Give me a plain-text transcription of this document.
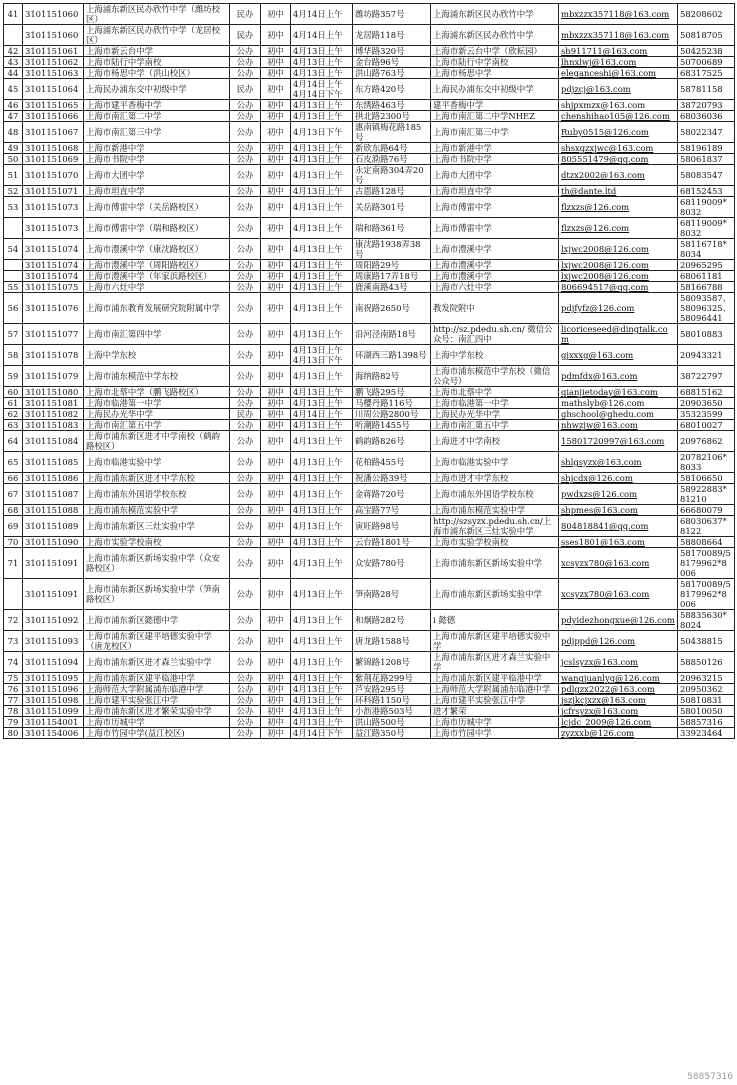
41	3101151060	上海浦东新区民办欣竹中学（潍坊校区）	民办	初中	4月14日上午	潍坊路357号	上海浦东新区民办欣竹中学	mbxzzx357118@163.com	58208602
	3101151060	上海浦东新区民办欣竹中学（龙居校区）	民办	初中	4月14日上午	龙居路118号	上海浦东新区民办欣竹中学	mbxzzx357118@163.com	50818705
42	3101151061	上海市新云台中学	公办	初中	4月13日上午	博华路320号	上海市新云台中学（欣耘园）	sh911711@163.com	50425238
43	3101151062	上海市陆行中学南校	公办	初中	4月13日上午	金台路96号	上海市陆行中学南校	lhnxlwj@163.com	50700689
44	3101151063	上海市杨思中学（洪山校区）	公办	初中	4月13日上午	洪山路763号	上海市杨思中学	eleganceshi@163.com	68317525
45	3101151064	上海民办浦东交中初级中学	民办	初中	4月14日上午 4月14日下午	东方路420号	上海民办浦东交中初级中学	pdjzcj@163.com	58781158
46	3101151065	上海市建平香梅中学	公办	初中	4月13日上午	东绣路463号	建平香梅中学	shjpxmzx@163.com	38720793
47	3101151066	上海市南汇第二中学	公办	初中	4月13日上午	拱北路2300号	上海市南汇第二中学NHEZ	chenshihao105@126.com	68036036
48	3101151067	上海市南汇第三中学	公办	初中	4月13日下午	惠南镇梅花路185号	上海市南汇第三中学	Ruby0515@126.com	58022347
49	3101151068	上海市新港中学	公办	初中	4月13日上午	新欣东路64号	上海市新港中学	shsxgzxjwc@163.com	58196189
50	3101151069	上海市书院中学	公办	初中	4月13日上午	石皮泐路76号	上海市书院中学	805551479@qq.com	58061837
51	3101151070	上海市大团中学	公办	初中	4月13日上午	永定南路304弄20号	上海市大团中学	dtzx2002@163.com	58083547
52	3101151071	上海市坦直中学	公办	初中	4月13日上午	古恩路128号	上海市坦直中学	th@dante.ltd	68152453
53	3101151073	上海市傅雷中学（关岳路校区）	公办	初中	4月13日上午	关岳路301号	上海市傅雷中学	flzxzs@126.com	68119009*8032
	3101151073	上海市傅雷中学（瑞和路校区）	公办	初中	4月13日上午	瑞和路361号	上海市傅雷中学	flzxzs@126.com	68119009*8032
54	3101151074	上海市澧溪中学（康沈路校区）	公办	初中	4月13日上午	康沈路1938弄38号	上海市澧溪中学	lxjwc2008@126.com	58116718*8034
	3101151074	上海市澧溪中学（周阳路校区）	公办	初中	4月13日上午	周阳路29号	上海市澧溪中学	lxjwc2008@126.com	20965295
	3101151074	上海市澧溪中学（年家浜路校区）	公办	初中	4月13日上午	周康路17弄18号	上海市澧溪中学	lxjwc2008@126.com	68061181
55	3101151075	上海市六灶中学	公办	初中	4月13日上午	鹿溪南路43号	上海市六灶中学	806694517@qq.com	58166788
56	3101151076	上海市浦东教育发展研究院附属中学	公办	初中	4月13日上午	南祝路2650号	教发院附中	pdjfyfz@126.com	58093587、58096325、58096441
57	3101151077	上海市南汇第四中学	公办	初中	4月13日上午	沿河泾南路18号	http://sz.pdedu.sh.cn/ 微信公众号：南汇四中	licoriceseed@dingtalk.com	58010883
58	3101151078	上海中学东校	公办	初中	4月13日上午 4月13日下午	环湖西三路1398号	上海中学东校	gjxxxg@163.com	20943321
59	3101151079	上海市浦东模范中学东校	公办	初中	4月13日上午	海纳路82号	上海市浦东模范中学东校（微信公众号）	pdmfdx@163.com	38722797
60	3101151080	上海市北蔡中学（鹏飞路校区）	公办	初中	4月13日上午	鹏飞路295号	上海市北蔡中学	qianjietoday@163.com	68815162
61	3101151081	上海市临港第一中学	公办	初中	4月13日上午	马樱丹路116号	上海市临港第一中学	mathslyb@126.com	20903650
62	3101151082	上海民办光华中学	民办	初中	4月14日上午	川周公路2800号	上海民办光华中学	ghschool@ghedu.com	35323599
63	3101151083	上海市南汇第五中学	公办	初中	4月13日上午	听潮路1455号	上海市南汇第五中学	nhwzjw@163.com	68010027
64	3101151084	上海市浦东新区进才中学南校（鹤韵路校区）	公办	初中	4月13日上午	鹤韵路826号	上海进才中学南校	15801720997@163.com	20976862
65	3101151085	上海市临港实验中学	公办	初中	4月13日上午	花柏路455号	上海市临港实验中学	shlgsyzx@163.com	20782106*8033
66	3101151086	上海市浦东新区进才中学东校	公办	初中	4月13日上午	祝潘公路39号	上海市进才中学东校	shjcdx@126.com	58106650
67	3101151087	上海市浦东外国语学校东校	公办	初中	4月13日上午	金蒋路720号	上海市浦东外国语学校东校	pwdxzs@126.com	58922883*81210
68	3101151088	上海市浦东模范实验中学	公办	初中	4月13日上午	高宝路77号	上海市浦东模范实验中学	shpmes@163.com	66680079
69	3101151089	上海市浦东新区三灶实验中学	公办	初中	4月13日上午	寅旺路98号	http://szsyzx.pdedu.sh.cn/上海市浦东新区三灶实验中学	804818841@qq.com	68030637*8122
70	3101151090	上海市实验学校南校	公办	初中	4月13日上午	云台路1801号	上海市实验学校南校	sses1801@163.com	58808664
71	3101151091	上海市浦东新区新场实验中学（众安路校区）	公办	初中	4月13日上午	众安路780号	上海市浦东新区新场实验中学	xcsyzx780@163.com	58170089/58179962*8006
	3101151091	上海市浦东新区新场实验中学（笋南路校区）	公办	初中	4月13日上午	笋南路28号	上海市浦东新区新场实验中学	xcsyzx780@163.com	58170089/58179962*8006
72	3101151092	上海市浦东新区懿德中学	公办	初中	4月13日上午	和炯路282号	i 懿德	pdyidezhongxue@126.com	58835630*8024
73	3101151093	上海市浦东新区建平培德实验中学（唐龙校区）	公办	初中	4月13日上午	唐龙路1588号	上海市浦东新区建平培德实验中学	pdjppd@126.com	50438815
74	3101151094	上海市浦东新区进才森兰实验中学	公办	初中	4月13日上午	繁锦路1208号	上海市浦东新区进才森兰实验中学	jcslsyzx@163.com	58850126
75	3101151095	上海市浦东新区建平临港中学	公办	初中	4月13日上午	紫荆花路299号	上海市浦东新区建平临港中学	wangjuanlyg@126.com	20963215
76	3101151096	上海师范大学附属浦东临港中学	公办	初中	4月13日上午	芦安路295号	上海师范大学附属浦东临港中学	pdlgzx2022@163.com	20950362
77	3101151098	上海市建平实验张江中学	公办	初中	4月13日上午	环科路1150号	上海市建平实验张江中学	jszjkcjxzx@163.com	50810831
78	3101151099	上海市浦东新区进才繁荣实验中学	公办	初中	4月13日上午	小沥港路503号	进才繁荣	jcfrsyzx@163.com	58010050
79	3101154001	上海市历城中学	公办	初中	4月13日上午	洪山路500号	上海市历城中学	lcjdc_2009@126.com	58857316
80	3101154006	上海市竹园中学(益江校区)	公办	初中	4月14日下午	益江路350号	上海市竹园中学	zyzxxb@126.com	33923464
58857316
